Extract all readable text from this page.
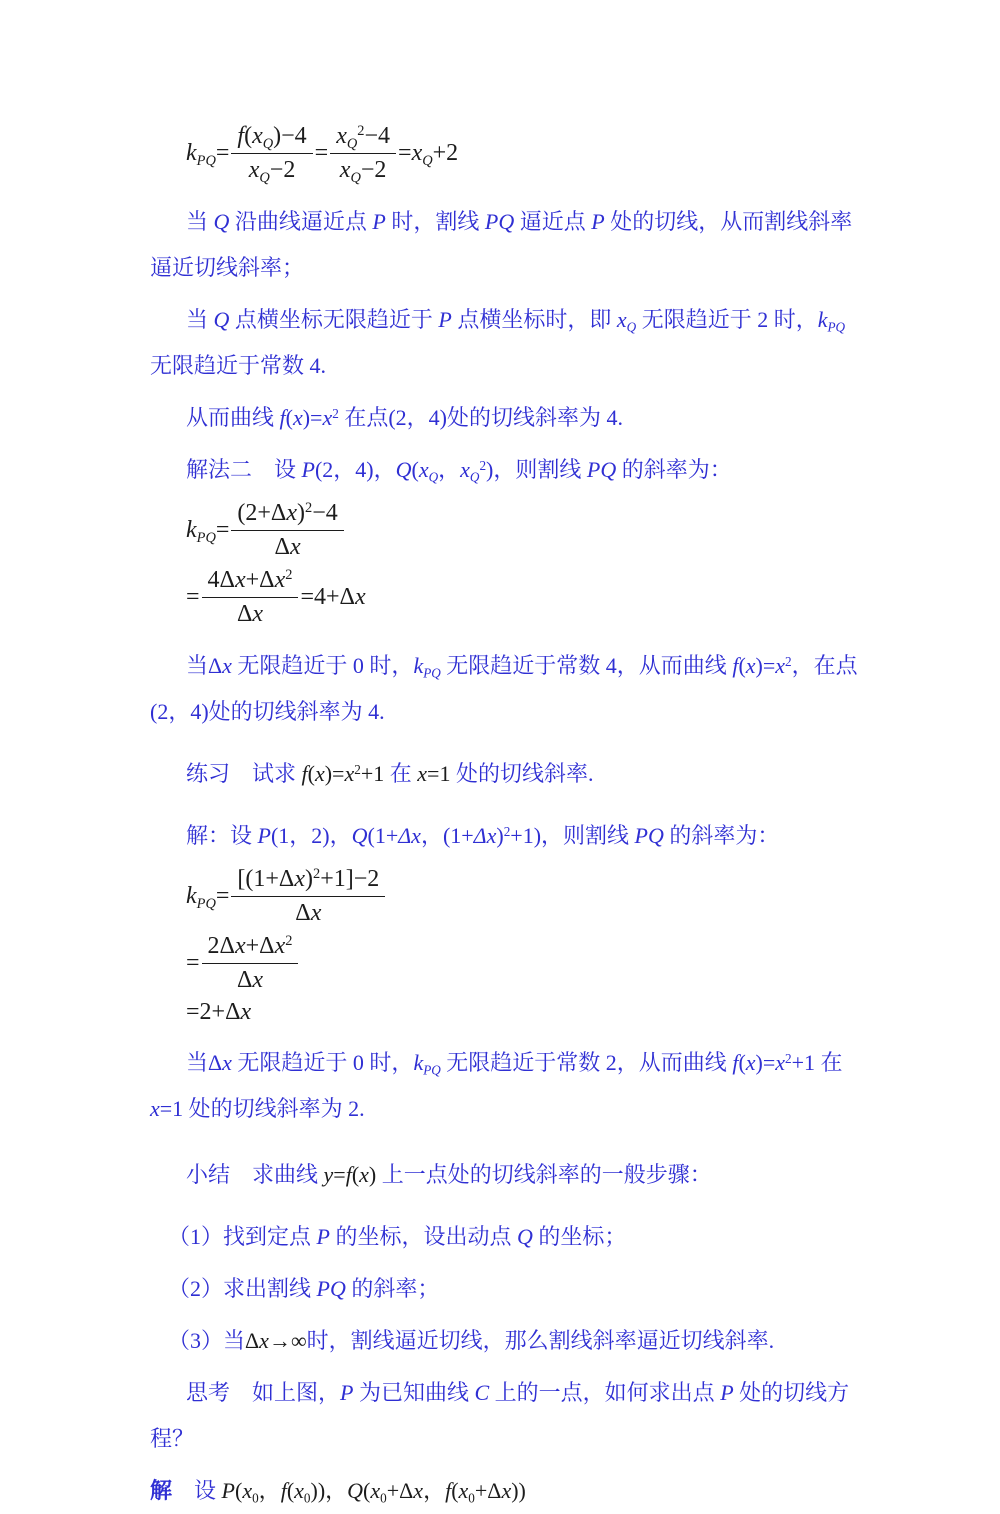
$k_{PQ}= \frac{f(x_Q)-4}{x_Q-2} = \frac{x_Q^2-4}{x_Q-2} =x_Q+2$

当 Q 沿曲线逼近点 P 时，割线 PQ 逼近点 P 处的切线，从而割线斜率逼近切线斜率；

当 Q 点横坐标无限趋近于 P 点横坐标时，即 $x_Q$ 无限趋近于 2 时，$k_{PQ}$ 无限趋近于常数 4.

从而曲线 $f(x)=x^2$ 在点(2，4)处的切线斜率为 4.

解法二　设 P(2，4)，$Q(x_Q$，$x_Q^2$)，则割线 PQ 的斜率为：

$k_{PQ}= \frac{(2+\Delta x)^2-4}{\Delta x}$
= $\frac{4\Delta x+\Delta x^2}{\Delta x} =4+\Delta x$

当Δx 无限趋近于 0 时，$k_{PQ}$ 无限趋近于常数 4，从而曲线 $f(x)=x^2$，在点(2，4)处的切线斜率为 4.

练习　试求 $f(x)=x^2+1$ 在 x=1 处的切线斜率.

解：设 P(1，2)，Q(1+Δx，$(1+\Delta x)^2+1$)，则割线 PQ 的斜率为：

$k_{PQ}= \frac{[(1+\Delta x)^2+1]-2}{\Delta x}$
= $\frac{2\Delta x+\Delta x^2}{\Delta x}$
=2+Δx

当Δx 无限趋近于 0 时，$k_{PQ}$ 无限趋近于常数 2，从而曲线 $f(x)=x^2+1$ 在 x=1 处的切线斜率为 2.

小结　求曲线 y=f(x) 上一点处的切线斜率的一般步骤：

（1）找到定点 P 的坐标，设出动点 Q 的坐标；

（2）求出割线 PQ 的斜率；

（3）当Δx→∞时，割线逼近切线，那么割线斜率逼近切线斜率.

思考　如上图，P 为已知曲线 C 上的一点，如何求出点 P 处的切线方程？

解　设 $P(x_0$，$f(x_0)$)，$Q(x_0+\Delta x$，$f(x_0+\Delta x)$)
